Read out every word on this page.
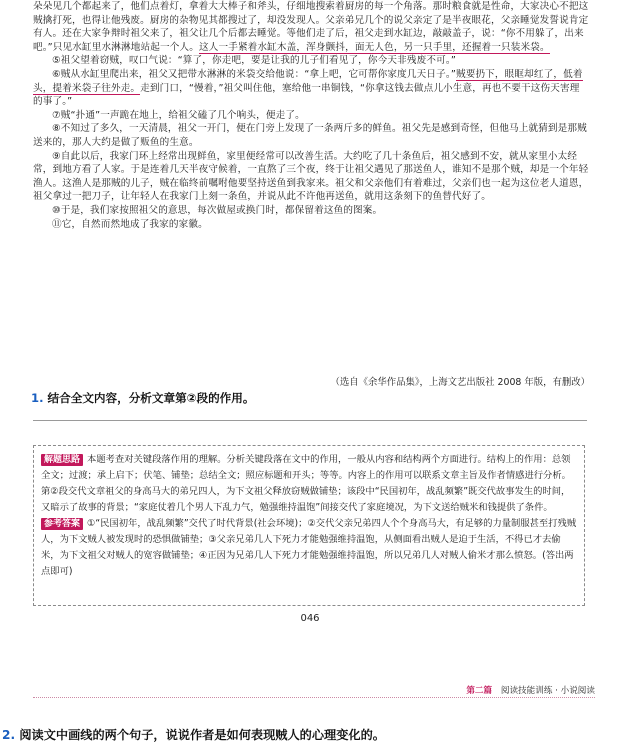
朵朵见几个都起来了，他们点着灯，拿着大大棒子和斧头，仔细地搜索着厨房的每一个角落。那时粮食就是性命，大家决心不把这贼擒打死，也得让他残废。厨房的杂物见其都搜过了，却没发现人。父亲弟兄几个的说父亲定了是半夜眼花，父亲睡觉发誓说肯定有人。还在大家争辩时祖父来了，祖父让几个后都去睡觉。等他们走了后，祖父走到水缸边，敲敲盖子，说：“你不用躲了，出来吧。”只见水缸里水淋淋地站起一个人。这人一手紧着水缸木盖，浑身颤抖，面无人色，另一只手里，还握着一只装米袋。

⑤祖父望着窃贼，叹口气说：“算了，你走吧，要是让我的儿子们看见了，你今天非残废不可。”

⑥贼从水缸里爬出来，祖父又把带水淋淋的米袋交给他说：“拿上吧，它可帮你家度几天日子。”贼要扔下，眼眶却红了，低着头，提着米袋子往外走。走到门口，“慢着，”祖父叫住他，塞给他一串铜钱，“你拿这钱去做点儿小生意，再也不要干这伤天害理的事了。”

⑦贼“扑通”一声跪在地上，给祖父磕了几个响头，便走了。

⑧不知过了多久，一天清晨，祖父一开门，便在门旁上发现了一条两斤多的鲜鱼。祖父先是感到奇怪，但他马上就猜到是那贼送来的，那人大约是做了贩鱼的生意。

⑨自此以后，我家门环上经常出现鲜鱼，家里便经常可以改善生活。大约吃了几十条鱼后，祖父感到不安，就从家里小太经常，到地方看了人家。于是连着几天半夜守候着，一直熬了三个夜，终于让祖父遇见了那送鱼人，谁知不是那个贼，却是一个年轻渔人。这渔人是那贼的儿子，贼在临终前嘱咐他要坚持送鱼到我家来。祖父和父亲他们有着难过，父亲们也一起为这位老人道恩，祖父拿过一把刀子，让年轻人在我家门上刻一条鱼，并说从此不许他再送鱼，就用这条刻下的鱼替代好了。

⑩于是，我们家按照祖父的意思，每次做屋或换门时，都保留着这鱼的图案。

⑪它，自然而然地成了我家的家徽。

（选自《余华作品集》，上海文艺出版社 2008 年版，有删改）
1. 结合全文内容，分析文章第②段的作用。

解题思路 本题考查对关键段落作用的理解。分析关键段落在文中的作用，一般从内容和结构两个方面进行。结构上的作用：总领全文；过渡；承上启下；伏笔、铺垫；总结全文；照应标题和开头；等等。内容上的作用可以联系文章主旨及作者情感进行分析。第②段交代文章祖父的身高马大的弟兄四人，为下文祖父释放窃贼做铺垫；该段中“民国初年，战乱频繁”既交代故事发生的时间，又暗示了故事的背景；“家庭仗着几个男人下乱力气，勉强维持温饱”间接交代了家庭境况，为下文送给贼米和钱提供了条件。

参考答案 ①“民国初年，战乱频繁”交代了时代背景(社会环境)；②交代父亲兄弟四人个个身高马大，有足够的力量制服甚至打残贼人，为下文贼人被发现时的恐惧做铺垫；③父亲兄弟几人下死力才能勉强维持温饱，从侧面看出贼人是迫于生活，不得已才去偷米，为下文祖父对贼人的宽容做铺垫；④正因为兄弟几人下死力才能勉强维持温饱，所以兄弟几人对贼人偷米才那么愤怒。(答出两点即可)

046
第二篇 阅读技能训练 · 小说阅读
2. 阅读文中画线的两个句子，说说作者是如何表现贼人的心理变化的。
